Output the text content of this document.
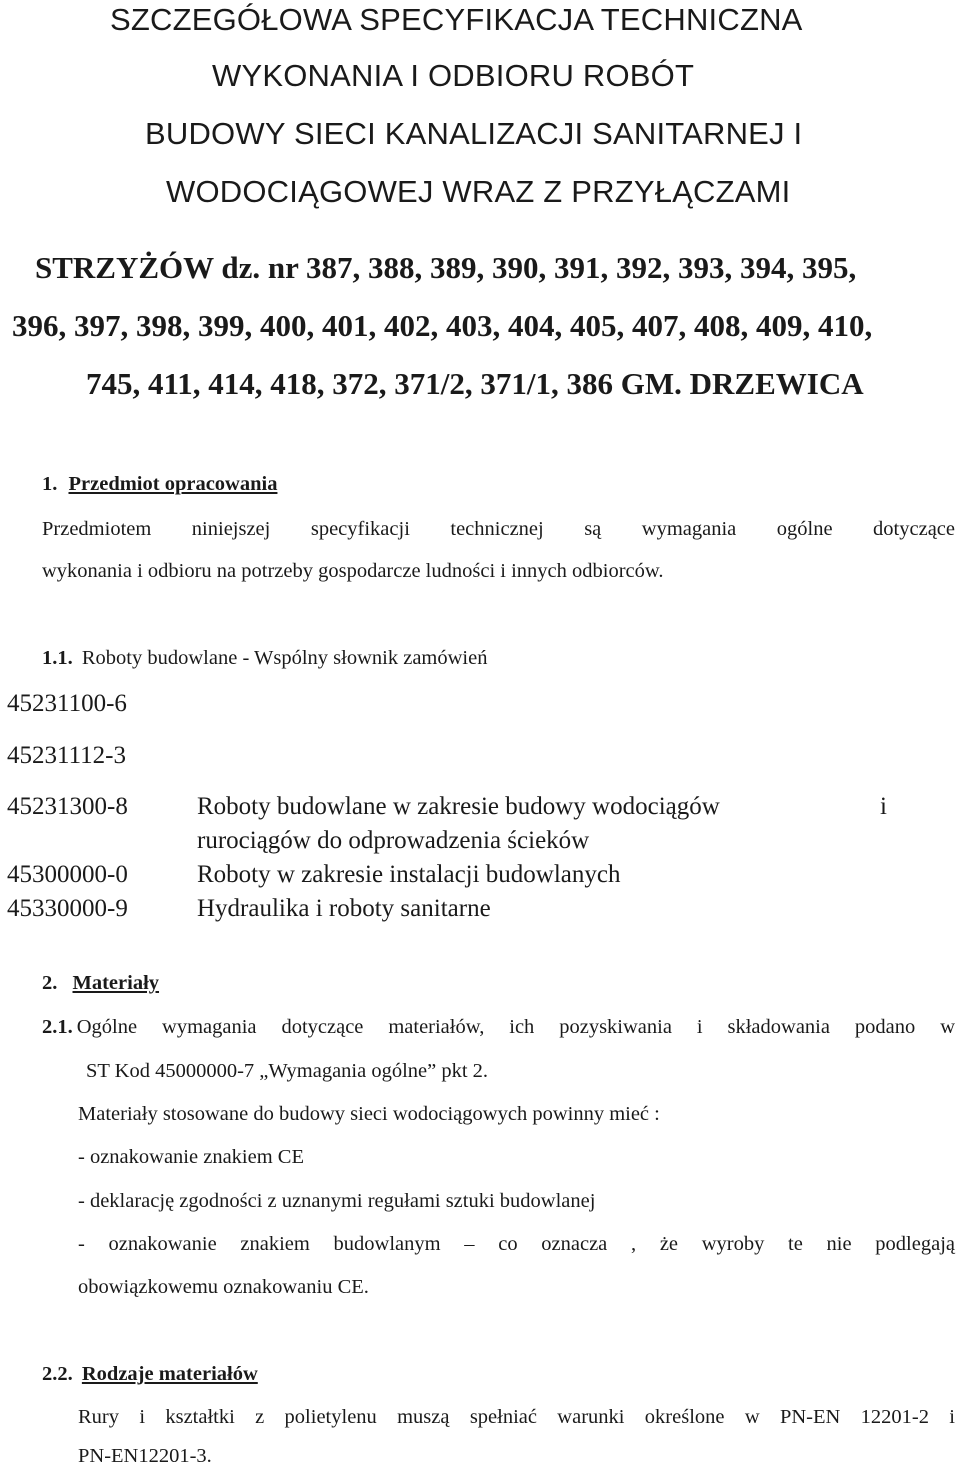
SZCZEGÓŁOWA SPECYFIKACJA TECHNICZNA
WYKONANIA I ODBIORU ROBÓT
BUDOWY SIECI KANALIZACJI SANITARNEJ I
WODOCIĄGOWEJ WRAZ Z PRZYŁĄCZAMI
STRZYŻÓW dz. nr 387, 388, 389, 390, 391, 392, 393, 394, 395,
396, 397, 398, 399, 400, 401, 402, 403, 404, 405, 407, 408, 409, 410,
745, 411, 414, 418, 372, 371/2, 371/1, 386 GM. DRZEWICA
1. Przedmiot opracowania
Przedmiotem niniejszej specyfikacji technicznej są wymagania ogólne dotyczące
wykonania i odbioru na potrzeby gospodarcze ludności i innych odbiorców.
1.1. Roboty budowlane - Wspólny słownik zamówień
45231100-6
45231112-3
45231300-8	Roboty budowlane w zakresie budowy wodociągów	i
rurociągów do odprowadzenia ścieków
45300000-0	Roboty w zakresie instalacji budowlanych
45330000-9	Hydraulika i roboty sanitarne
2. Materiały
2.1. Ogólne wymagania dotyczące materiałów, ich pozyskiwania i składowania podano w
ST Kod 45000000-7 „Wymagania ogólne” pkt 2.
Materiały stosowane do budowy sieci wodociągowych powinny mieć :
- oznakowanie znakiem CE
- deklarację zgodności z uznanymi regułami sztuki budowlanej
- oznakowanie znakiem budowlanym – co oznacza , że wyroby te nie podlegają
obowiązkowemu oznakowaniu CE.
2.2. Rodzaje materiałów
Rury i kształtki z polietylenu muszą spełniać warunki określone w PN-EN 12201-2 i
PN-EN12201-3.
